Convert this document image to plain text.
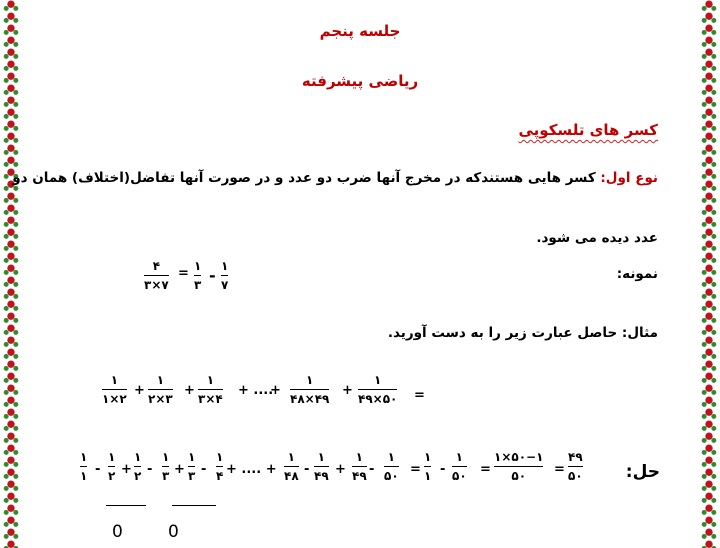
جلسه پنجم
ریاضی پیشرفته
کسر های تلسکوپی
نوع اول: کسر هایی هستندکه در مخرج آنها ضرب دو عدد و در صورت آنها تفاضل(اختلاف) همان دو
عدد دیده می شود.
نمونه:
۴
۳×۷
= ۱
۳ - ۱
۷
مثال: حاصل عبارت زیر را به دست آورید.
۱
۱×۲
+
۱
۲×۳
+
۱
۳×۴
+ ....
+
۱
۴۸×۴۹
+
۱
۴۹×۵۰ =
حل:
۱
۱
۱
۲
۱
۲
۱
۳
۱
۳
۱
۴
۱
۴۸
۱
۴۹
۱
۴۹
۱
۵۰
۱
۱
۱
۵۰
۱×۵۰−۱
۵۰
۴۹
۵۰
- + - + - + .... + - + -	= -	=	=
0	0
